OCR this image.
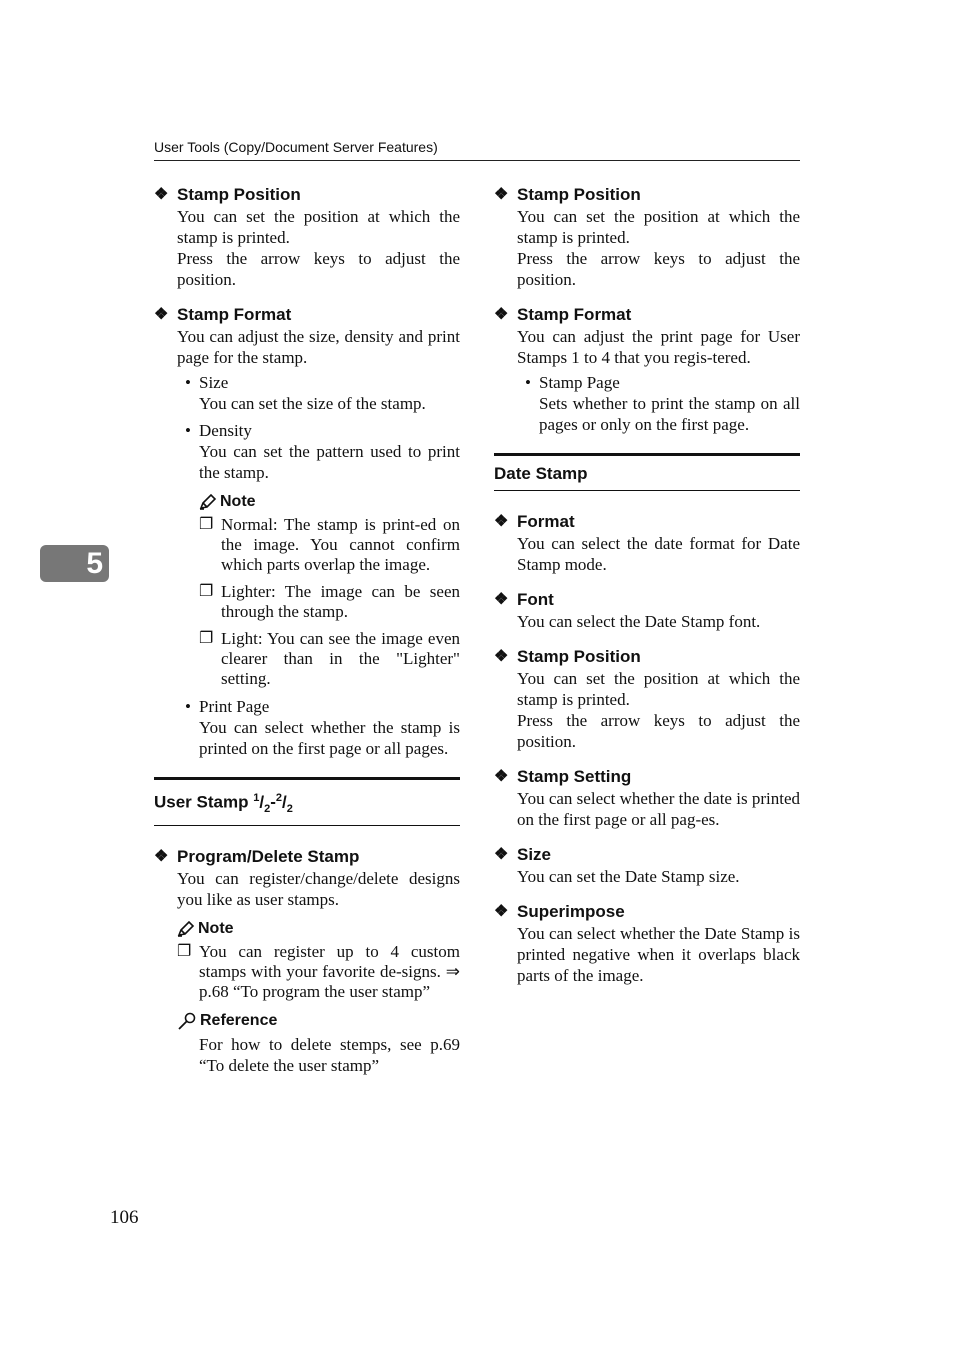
User Tools (Copy/Document Server Features)
5
❖ Stamp Position
You can set the position at which the stamp is printed.
Press the arrow keys to adjust the position.
❖ Stamp Format
You can adjust the size, density and print page for the stamp.
• Size
You can set the size of the stamp.
• Density
You can set the pattern used to print the stamp.
Note
❐ Normal: The stamp is print-ed on the image. You cannot confirm which parts overlap the image.
❐ Lighter: The image can be seen through the stamp.
❐ Light: You can see the image even clearer than in the "Lighter" setting.
• Print Page
You can select whether the stamp is printed on the first page or all pages.
User Stamp $^1/_2-^2/_2$
❖ Program/Delete Stamp
You can register/change/delete designs you like as user stamps.
Note
❐ You can register up to 4 custom stamps with your favorite de-signs. ⇒ p.68 “To program the user stamp”
Reference
For how to delete stemps, see p.69 “To delete the user stamp”
❖ Stamp Position
You can set the position at which the stamp is printed.
Press the arrow keys to adjust the position.
❖ Stamp Format
You can adjust the print page for User Stamps 1 to 4 that you regis-tered.
• Stamp Page
Sets whether to print the stamp on all pages or only on the first page.
Date Stamp
❖ Format
You can select the date format for Date Stamp mode.
❖ Font
You can select the Date Stamp font.
❖ Stamp Position
You can set the position at which the stamp is printed.
Press the arrow keys to adjust the position.
❖ Stamp Setting
You can select whether the date is printed on the first page or all pag-es.
❖ Size
You can set the Date Stamp size.
❖ Superimpose
You can select whether the Date Stamp is printed negative when it overlaps black parts of the image.
106
